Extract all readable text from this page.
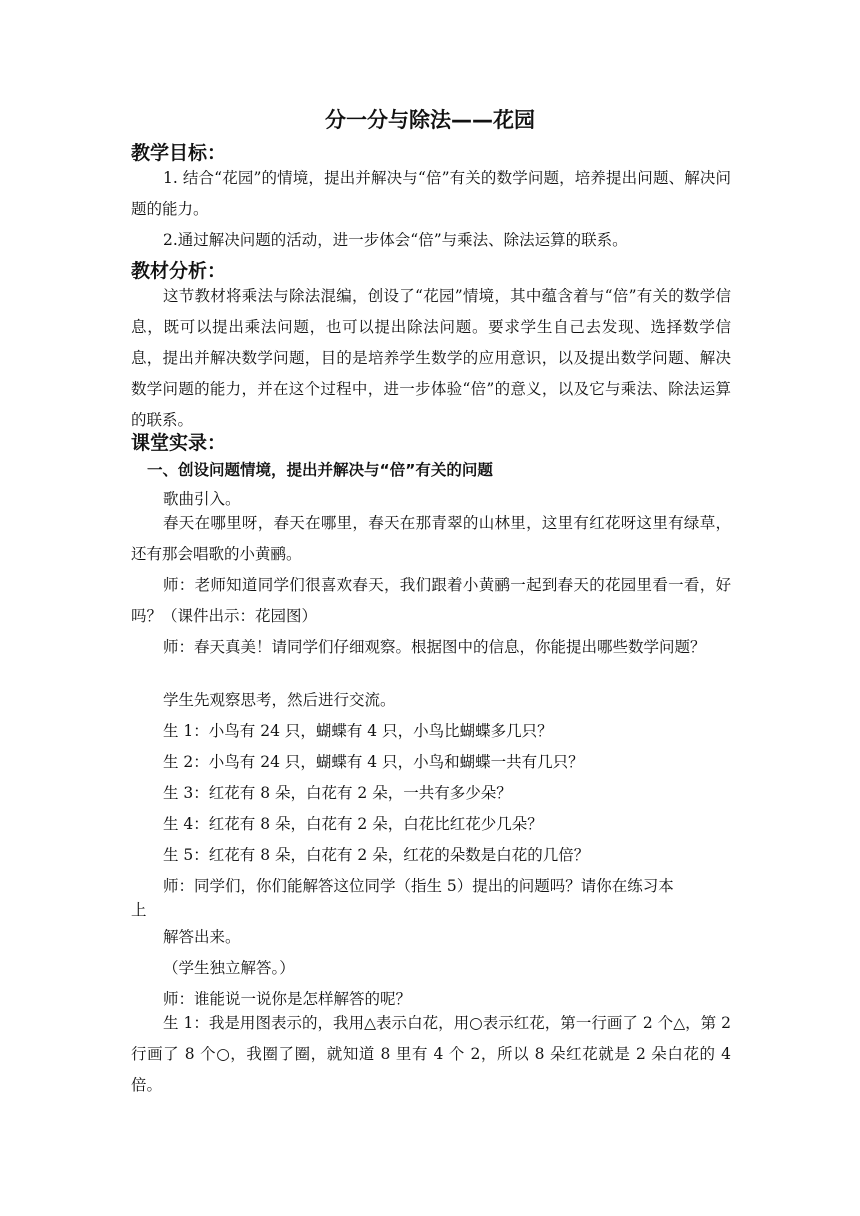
分一分与除法——花园
教学目标：

1. 结合“花园”的情境，提出并解决与“倍”有关的数学问题，培养提出问题、解决问题的能力。

2.通过解决问题的活动，进一步体会“倍”与乘法、除法运算的联系。

教材分析：

这节教材将乘法与除法混编，创设了“花园”情境，其中蕴含着与“倍”有关的数学信息，既可以提出乘法问题，也可以提出除法问题。要求学生自己去发现、选择数学信息，提出并解决数学问题，目的是培养学生数学的应用意识，以及提出数学问题、解决数学问题的能力，并在这个过程中，进一步体验“倍”的意义，以及它与乘法、除法运算的联系。

课堂实录：
一、创设问题情境，提出并解决与“倍”有关的问题
歌曲引入。

春天在哪里呀，春天在哪里，春天在那青翠的山林里，这里有红花呀这里有绿草，还有那会唱歌的小黄鹂。

师：老师知道同学们很喜欢春天，我们跟着小黄鹂一起到春天的花园里看一看，好吗？（课件出示：花园图）

师：春天真美！请同学们仔细观察。根据图中的信息，你能提出哪些数学问题？

学生先观察思考，然后进行交流。
生 1：小鸟有 24 只，蝴蝶有 4 只，小鸟比蝴蝶多几只？
生 2：小鸟有 24 只，蝴蝶有 4 只，小鸟和蝴蝶一共有几只？
生 3：红花有 8 朵，白花有 2 朵，一共有多少朵？
生 4：红花有 8 朵，白花有 2 朵，白花比红花少几朵？
生 5：红花有 8 朵，白花有 2 朵，红花的朵数是白花的几倍？
师：同学们，你们能解答这位同学（指生 5）提出的问题吗？请你在练习本
上
解答出来。
（学生独立解答。）
师：谁能说一说你是怎样解答的呢？

生 1：我是用图表示的，我用△表示白花，用○表示红花，第一行画了 2 个△，第 2 行画了 8 个○，我圈了圈，就知道 8 里有 4 个 2，所以 8 朵红花就是 2 朵白花的 4 倍。
